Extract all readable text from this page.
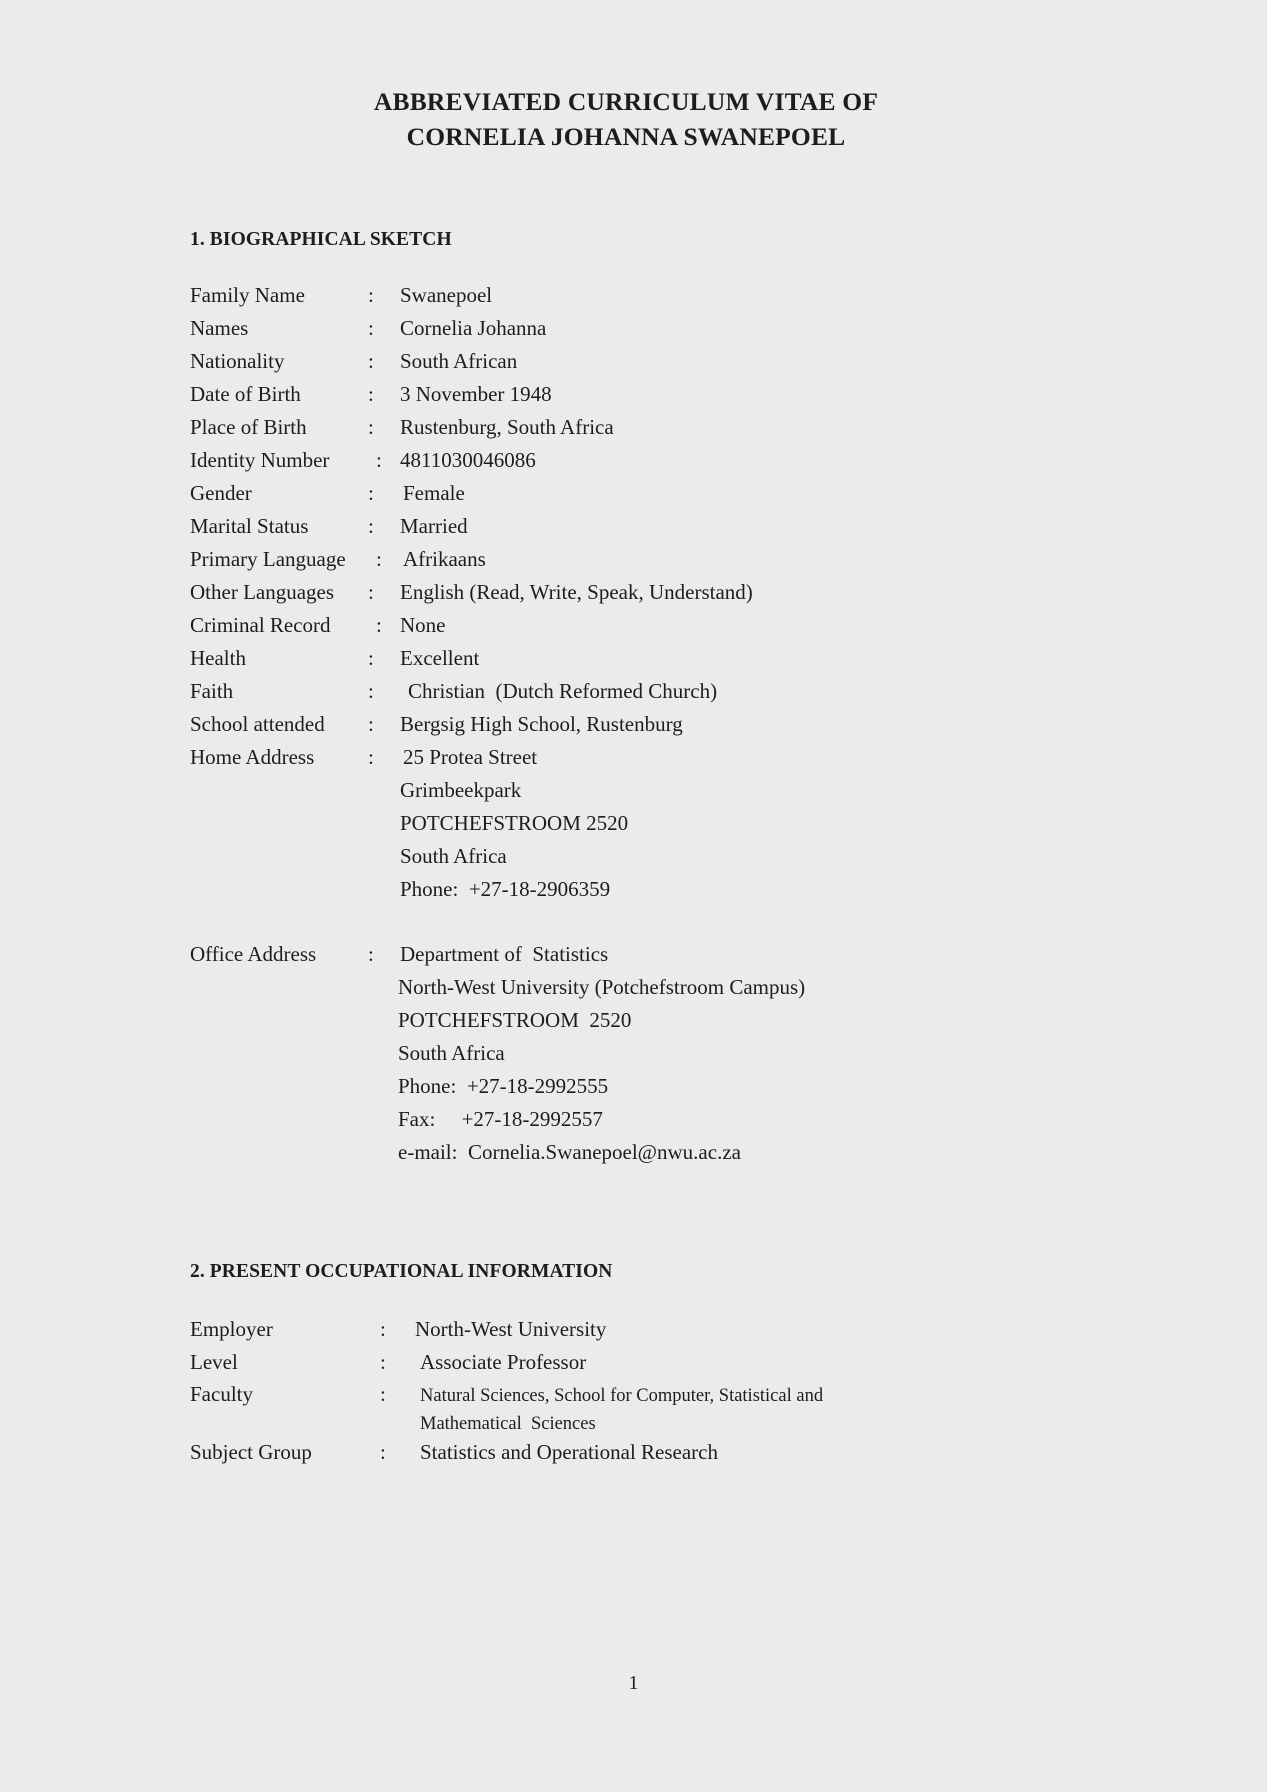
ABBREVIATED CURRICULUM VITAE OF
CORNELIA JOHANNA SWANEPOEL
1. BIOGRAPHICAL SKETCH
Family Name	:	Swanepoel
Names	:	Cornelia Johanna
Nationality	:	South African
Date of Birth	:	3 November 1948
Place of Birth	:	Rustenburg, South Africa
Identity Number	: 4811030046086
Gender	:	Female
Marital Status	:	Married
Primary Language	:	Afrikaans
Other Languages	:	English (Read, Write, Speak, Understand)
Criminal Record	: None
Health	:	Excellent
Faith	:	Christian  (Dutch Reformed Church)
School attended	:	Bergsig High School, Rustenburg
Home Address	:	25 Protea Street
Grimbeekpark
POTCHEFSTROOM 2520
South Africa
Phone:  +27-18-2906359
Office Address	:	Department of  Statistics
North-West University (Potchefstroom Campus)
POTCHEFSTROOM  2520
South Africa
Phone:  +27-18-2992555
Fax:     +27-18-2992557
e-mail:  Cornelia.Swanepoel@nwu.ac.za
2. PRESENT OCCUPATIONAL INFORMATION
Employer	:	North-West University
Level	:	Associate Professor
Faculty	:	Natural Sciences, School for Computer, Statistical and
Mathematical  Sciences
Subject Group	:	Statistics and Operational Research
1
